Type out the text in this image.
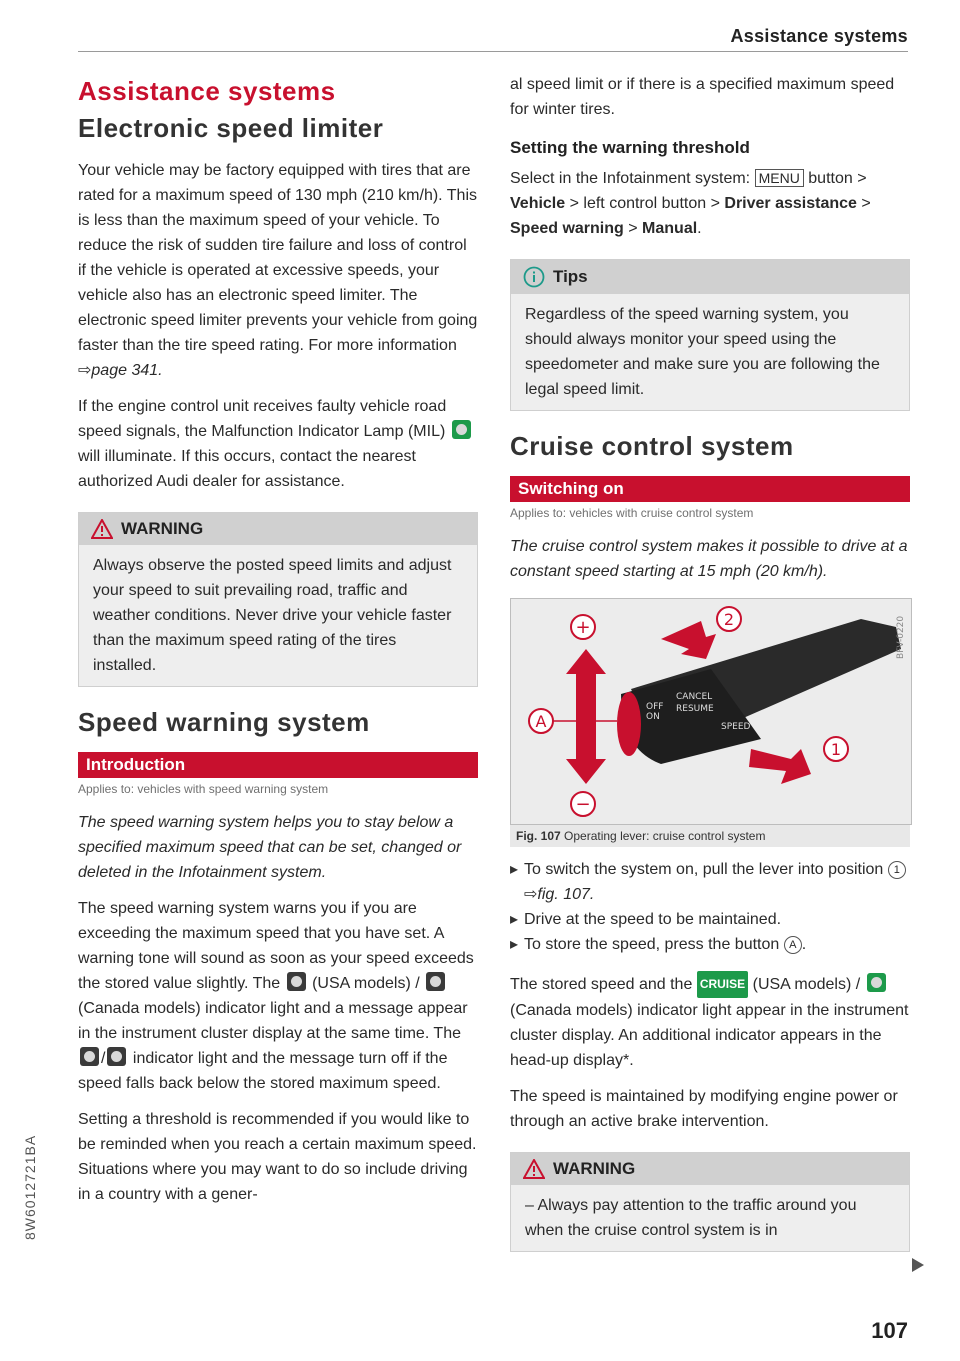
Assistance systems
Assistance systems
Electronic speed limiter

Your vehicle may be factory equipped with tires that are rated for a maximum speed of 130 mph (210 km/h). This is less than the maximum speed of your vehicle. To reduce the risk of sudden tire failure and loss of control if the vehicle is operated at excessive speeds, your vehicle also has an electronic speed limiter. The electronic speed limiter prevents your vehicle from going faster than the tire speed rating. For more information ⇨page 341.

If the engine control unit receives faulty vehicle road speed signals, the Malfunction Indicator Lamp (MIL)
will illuminate. If this occurs, contact the nearest authorized Audi dealer for assistance.

WARNING
Always observe the posted speed limits and adjust your speed to suit prevailing road, traffic and weather conditions. Never drive your vehicle faster than the maximum speed rating of the tires installed.
Speed warning system
Introduction
Applies to: vehicles with speed warning system

The speed warning system helps you to stay below a specified maximum speed that can be set, changed or deleted in the Infotainment system.

The speed warning system warns you if you are exceeding the maximum speed that you have set. A warning tone will sound as soon as your speed exceeds the stored value slightly. The (USA models) /
(Canada models) indicator light and a message appear in the instrument cluster display at the same time. The
/ indicator light and the message turn off if the speed falls back below the stored maximum speed.

Setting a threshold is recommended if you would like to be reminded when you reach a certain maximum speed. Situations where you may want to do so include driving in a country with a gener-

al speed limit or if there is a specified maximum speed for winter tires.

Setting the warning threshold

Select in the Infotainment system: MENU button > Vehicle > left control button > Driver assistance > Speed warning > Manual.

Tips
Regardless of the speed warning system, you should always monitor your speed using the speedometer and make sure you are following the legal speed limit.
Cruise control system
Switching on
Applies to: vehicles with cruise control system

The cruise control system makes it possible to drive at a constant speed starting at 15 mph (20 km/h).

OFF
CANCEL
ON
RESUME
SPEED
+
−
2
1
A
BFV-0220
Fig. 107 Operating lever: cruise control system

▸ To switch the system on, pull the lever into position 1 ⇨fig. 107.

▸ Drive at the speed to be maintained.

▸ To store the speed, press the button A .

The stored speed and the CRUISE (USA models) /
(Canada models) indicator light appear in the instrument cluster display. An additional indicator appears in the head-up display*.

The speed is maintained by modifying engine power or through an active brake intervention.

WARNING
– Always pay attention to the traffic around you when the cruise control system is in
107
8W6012721BA
